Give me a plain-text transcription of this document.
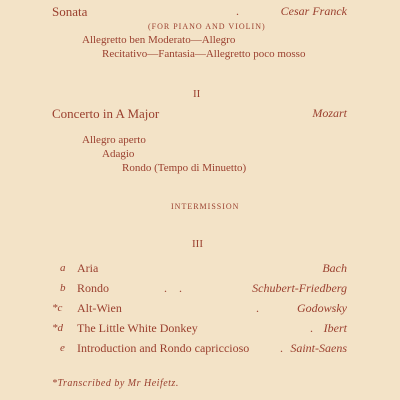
Sonata	.	Cesar Franck
(FOR PIANO AND VIOLIN)
Allegretto ben Moderato—Allegro
Recitativo—Fantasia—Allegretto poco mosso
II
Concerto in A Major	Mozart
Allegro aperto
Adagio
Rondo (Tempo di Minuetto)
INTERMISSION
III
a Aria	Bach
b Rondo	.    .	Schubert-Friedberg
*c Alt-Wien	.	Godowsky
*d The Little White Donkey	. Ibert
e Introduction and Rondo capriccioso	. Saint-Saens
*Transcribed by Mr Heifetz.
